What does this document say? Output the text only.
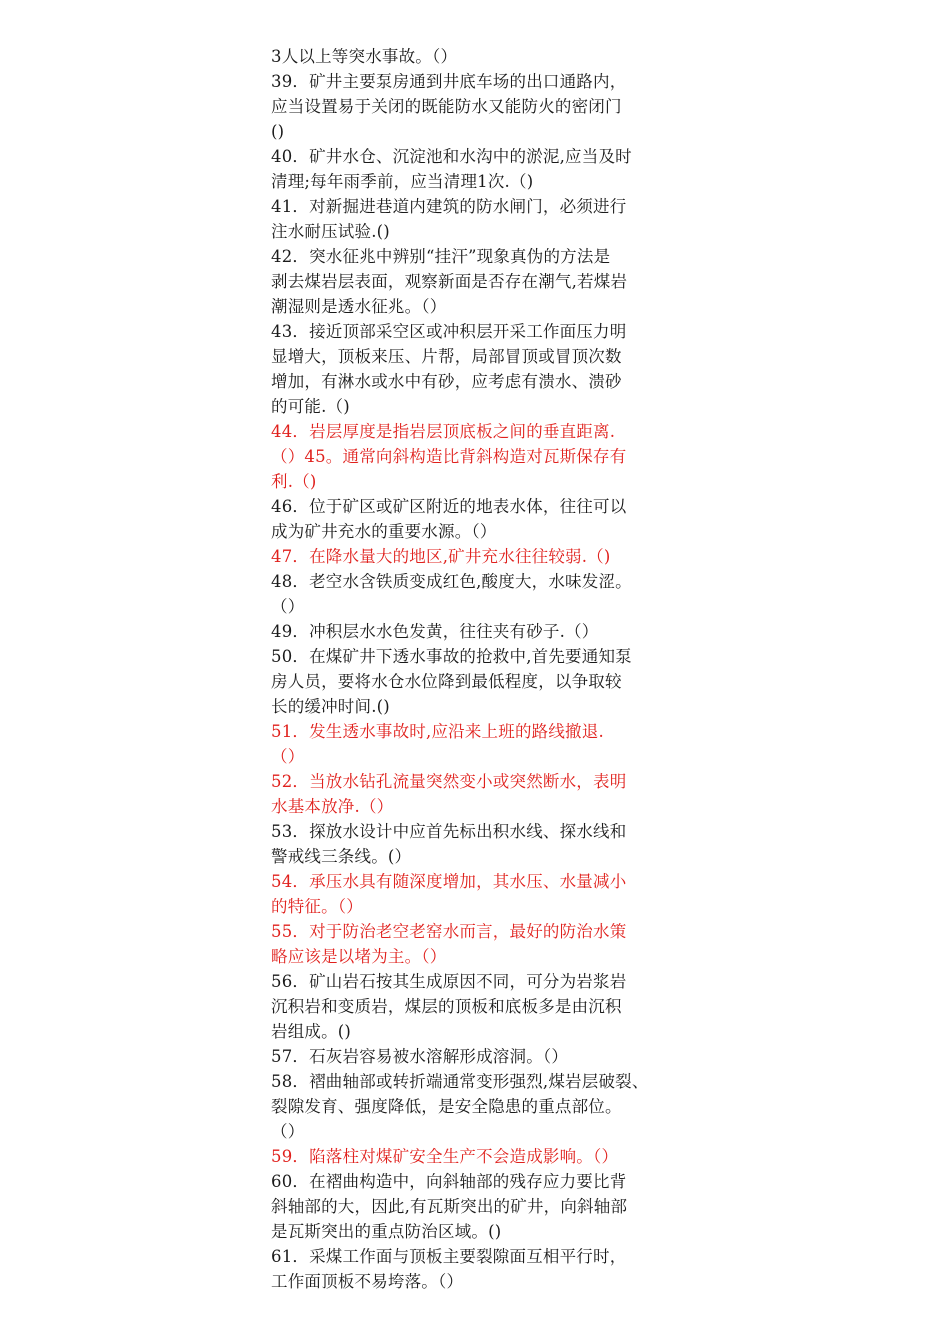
3人以上等突水事故。（）
39．矿井主要泵房通到井底车场的出口通路内，
应当设置易于关闭的既能防水又能防火的密闭门
()
40．矿井水仓、沉淀池和水沟中的淤泥,应当及时
清理;每年雨季前，应当清理1次.（)
41．对新掘进巷道内建筑的防水闸门，必须进行
注水耐压试验.()
42．突水征兆中辨别“挂汗”现象真伪的方法是
剥去煤岩层表面，观察新面是否存在潮气,若煤岩
潮湿则是透水征兆。（）
43．接近顶部采空区或冲积层开采工作面压力明
显增大，顶板来压、片帮，局部冒顶或冒顶次数
增加，有淋水或水中有砂，应考虑有溃水、溃砂
的可能.（)
44．岩层厚度是指岩层顶底板之间的垂直距离.
（）45。通常向斜构造比背斜构造对瓦斯保存有
利.（)
46．位于矿区或矿区附近的地表水体，往往可以
成为矿井充水的重要水源。（）
47．在降水量大的地区,矿井充水往往较弱.（)
48．老空水含铁质变成红色,酸度大，水味发涩。
（）
49．冲积层水水色发黄，往往夹有砂子.（）
50．在煤矿井下透水事故的抢救中,首先要通知泵
房人员，要将水仓水位降到最低程度，以争取较
长的缓冲时间.()
51．发生透水事故时,应沿来上班的路线撤退.
（）
52．当放水钻孔流量突然变小或突然断水，表明
水基本放净.（）
53．探放水设计中应首先标出积水线、探水线和
警戒线三条线。(）
54．承压水具有随深度增加，其水压、水量减小
的特征。（）
55．对于防治老空老窑水而言，最好的防治水策
略应该是以堵为主。（）
56．矿山岩石按其生成原因不同，可分为岩浆岩
沉积岩和变质岩，煤层的顶板和底板多是由沉积
岩组成。()
57．石灰岩容易被水溶解形成溶洞。（）
58．褶曲轴部或转折端通常变形强烈,煤岩层破裂、
裂隙发育、强度降低，是安全隐患的重点部位。
（）
59．陷落柱对煤矿安全生产不会造成影响。（）
60．在褶曲构造中，向斜轴部的残存应力要比背
斜轴部的大，因此,有瓦斯突出的矿井，向斜轴部
是瓦斯突出的重点防治区域。()
61．采煤工作面与顶板主要裂隙面互相平行时，
工作面顶板不易垮落。（）
